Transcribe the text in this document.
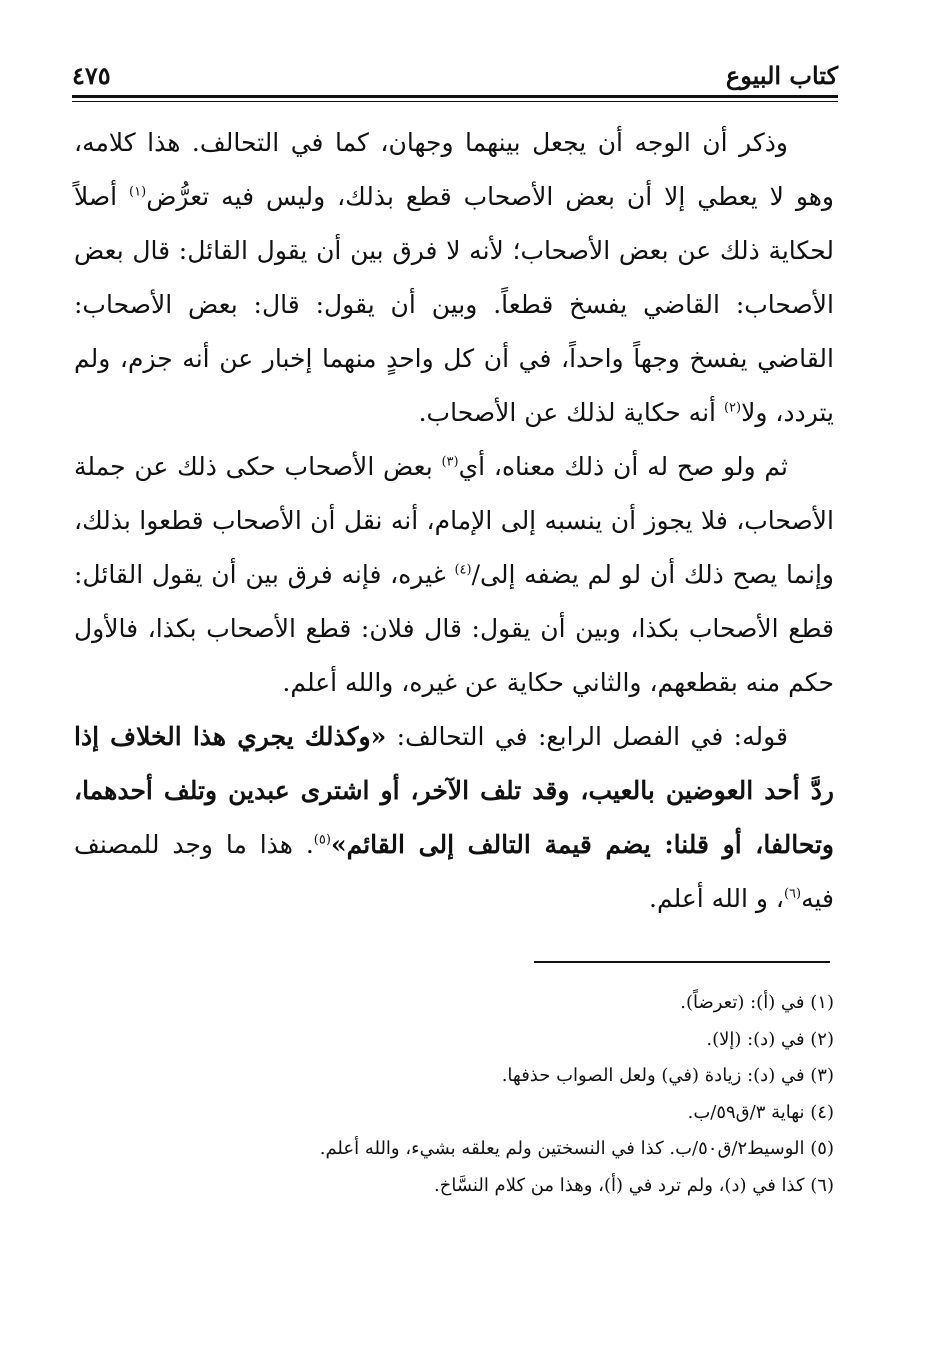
كتاب البيوع
٤٧٥

وذكر أن الوجه أن يجعل بينهما وجهان، كما في التحالف. هذا كلامه، وهو لا يعطي إلا أن بعض الأصحاب قطع بذلك، وليس فيه تعرُّض$^{(١)}$ أصلاً لحكاية ذلك عن بعض الأصحاب؛ لأنه لا فرق بين أن يقول القائل: قال بعض الأصحاب: القاضي يفسخ قطعاً. وبين أن يقول: قال: بعض الأصحاب: القاضي يفسخ وجهاً واحداً، في أن كل واحدٍ منهما إخبار عن أنه جزم، ولم يتردد، ولا$^{(٢)}$ أنه حكاية لذلك عن الأصحاب.

ثم ولو صح له أن ذلك معناه، أي$^{(٣)}$ بعض الأصحاب حكى ذلك عن جملة الأصحاب، فلا يجوز أن ينسبه إلى الإمام، أنه نقل أن الأصحاب قطعوا بذلك، وإنما يصح ذلك أن لو لم يضفه إلى/$^{(٤)}$ غيره، فإنه فرق بين أن يقول القائل: قطع الأصحاب بكذا، وبين أن يقول: قال فلان: قطع الأصحاب بكذا، فالأول حكم منه بقطعهم، والثاني حكاية عن غيره، والله أعلم.

قوله: في الفصل الرابع: في التحالف: «وكذلك يجري هذا الخلاف إذا ردَّ أحد العوضين بالعيب، وقد تلف الآخر، أو اشترى عبدين وتلف أحدهما، وتحالفا، أو قلنا: يضم قيمة التالف إلى القائم»$^{(٥)}$. هذا ما وجد للمصنف فيه$^{(٦)}$، و الله أعلم.

(١) في (أ): (تعرضاً).

(٢) في (د): (إلا).

(٣) في (د): زيادة (في) ولعل الصواب حذفها.

(٤) نهاية ٣/ق٥٩/ب.

(٥) الوسيط٢/ق٥٠/ب. كذا في النسختين ولم يعلقه بشيء، والله أعلم.

(٦) كذا في (د)، ولم ترد في (أ)، وهذا من كلام النسَّاخ.
